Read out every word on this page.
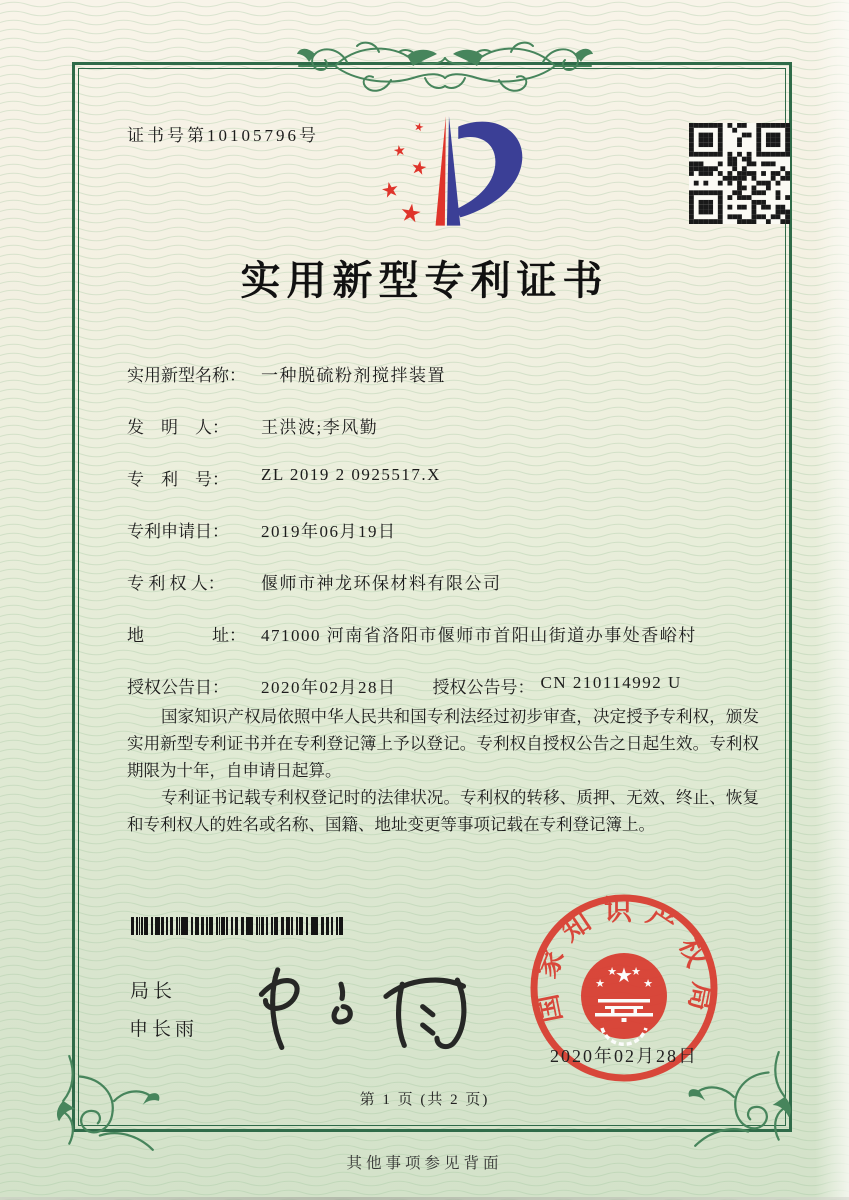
证书号第10105796号	★
★
★
★
★
实用新型专利证书
实用新型名称： 一种脱硫粉剂搅拌装置
发　明　人：	王洪波;李风勤
专　利　号：	ZL 2019 2 0925517.X
专利申请日：	2019年06月19日
专 利 权 人：	偃师市神龙环保材料有限公司
地　　　　址： 471000 河南省洛阳市偃师市首阳山街道办事处香峪村
授权公告日：	2020年02月28日 授权公告号： CN 210114992 U

国家知识产权局依照中华人民共和国专利法经过初步审查，决定授予专利权，颁发实用新型专利证书并在专利登记簿上予以登记。专利权自授权公告之日起生效。专利权期限为十年，自申请日起算。

专利证书记载专利权登记时的法律状况。专利权的转移、质押、无效、终止、恢复和专利权人的姓名或名称、国籍、地址变更等事项记载在专利登记簿上。

局长
申长雨
国家知识产权局
★
★
★ ★
★
2020年02月28日
第 1 页 (共 2 页)
其他事项参见背面
